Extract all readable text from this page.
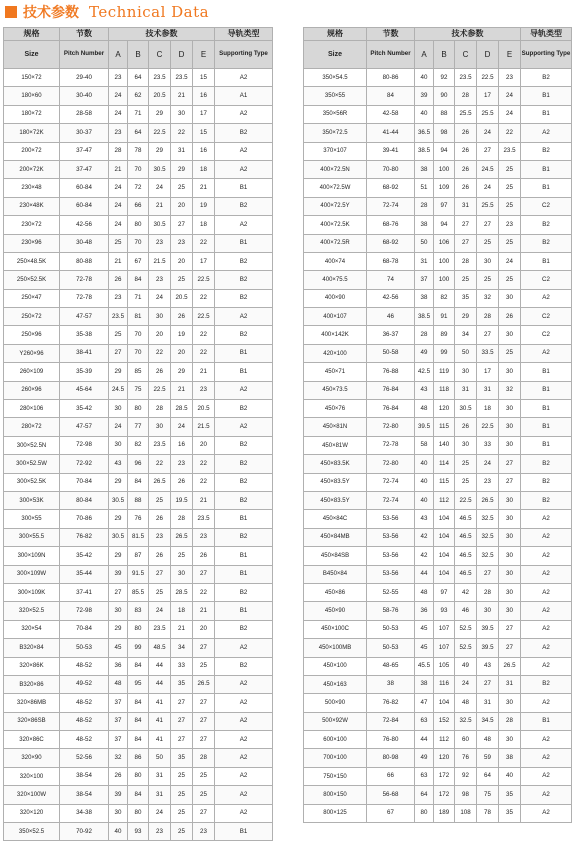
技术参数 Technical Data
规格	节数	技术参数					导轨类型
Size	Pitch Number	A	B	C	D	E	Supporting Type
150×72	29-40	23	64	23.5	23.5	15	A2
180×60	30-40	24	62	20.5	21	16	A1
180×72	28-58	24	71	29	30	17	A2
180×72K	30-37	23	64	22.5	22	15	B2
200×72	37-47	28	78	29	31	16	A2
200×72K	37-47	21	70	30.5	29	18	A2
230×48	60-84	24	72	24	25	21	B1
230×48K	60-84	24	66	21	20	19	B2
230×72	42-56	24	80	30.5	27	18	A2
230×96	30-48	25	70	23	23	22	B1
250×48.5K	80-88	21	67	21.5	20	17	B2
250×52.5K	72-78	26	84	23	25	22.5	B2
250×47	72-78	23	71	24	20.5	22	B2
250×72	47-57	23.5	81	30	26	22.5	A2
250×96	35-38	25	70	20	19	22	B2
Y260×96	38-41	27	70	22	20	22	B1
260×109	35-39	29	85	26	29	21	B1
260×96	45-64	24.5	75	22.5	21	23	A2
280×106	35-42	30	80	28	28.5	20.5	B2
280×72	47-57	24	77	30	24	21.5	A2
300×52.5N	72-98	30	82	23.5	16	20	B2
300×52.5W	72-92	43	96	22	23	22	B2
300×52.5K	70-84	29	84	26.5	26	22	B2
300×53K	80-84	30.5	88	25	19.5	21	B2
300×55	70-86	29	76	26	28	23.5	B1
300×55.5	76-82	30.5	81.5	23	26.5	23	B2
300×109N	35-42	29	87	26	25	26	B1
300×109W	35-44	39	91.5	27	30	27	B1
300×109K	37-41	27	85.5	25	28.5	22	B2
320×52.5	72-98	30	83	24	18	21	B1
320×54	70-84	29	80	23.5	21	20	B2
B320×84	50-53	45	99	48.5	34	27	A2
320×86K	48-52	36	84	44	33	25	B2
B320×86	49-52	48	95	44	35	26.5	A2
320×86MB	48-52	37	84	41	27	27	A2
320×86SB	48-52	37	84	41	27	27	A2
320×86C	48-52	37	84	41	27	27	A2
320×90	52-56	32	86	50	35	28	A2
320×100	38-54	26	80	31	25	25	A2
320×100W	38-54	39	84	31	25	25	A2
320×120	34-38	30	80	24	25	27	A2
350×52.5	70-92	40	93	23	25	23	B1
规格	节数	技术参数					导轨类型
Size	Pitch Number	A	B	C	D	E	Supporting Type
350×54.5	80-86	40	92	23.5	22.5	23	B2
350×55	84	39	90	28	17	24	B1
350×56R	42-58	40	88	25.5	25.5	24	B1
350×72.5	41-44	36.5	98	26	24	22	A2
370×107	39-41	38.5	94	26	27	23.5	B2
400×72.5N	70-80	38	100	26	24.5	25	B1
400×72.5W	68-92	51	109	26	24	25	B1
400×72.5Y	72-74	28	97	31	25.5	25	C2
400×72.5K	68-76	38	94	27	27	23	B2
400×72.5R	68-92	50	106	27	25	25	B2
400×74	68-78	31	100	28	30	24	B1
400×75.5	74	37	100	25	25	25	C2
400×90	42-56	38	82	35	32	30	A2
400×107	46	38.5	91	29	28	26	C2
400×142K	36-37	28	89	34	27	30	C2
420×100	50-58	49	99	50	33.5	25	A2
450×71	76-88	42.5	119	30	17	30	B1
450×73.5	76-84	43	118	31	31	32	B1
450×76	76-84	48	120	30.5	18	30	B1
450×81N	72-80	39.5	115	26	22.5	30	B1
450×81W	72-78	58	140	30	33	30	B1
450×83.5K	72-80	40	114	25	24	27	B2
450×83.5Y	72-74	40	115	25	23	27	B2
450×83.5Y	72-74	40	112	22.5	26.5	30	B2
450×84C	53-56	43	104	46.5	32.5	30	A2
450×84MB	53-56	42	104	46.5	32.5	30	A2
450×84SB	53-56	42	104	46.5	32.5	30	A2
B450×84	53-56	44	104	46.5	27	30	A2
450×86	52-55	48	97	42	28	30	A2
450×90	58-76	36	93	46	30	30	A2
450×100C	50-53	45	107	52.5	39.5	27	A2
450×100MB	50-53	45	107	52.5	39.5	27	A2
450×100	48-65	45.5	105	49	43	26.5	A2
450×163	38	38	116	24	27	31	B2
500×90	76-82	47	104	48	31	30	A2
500×92W	72-84	63	152	32.5	34.5	28	B1
600×100	76-80	44	112	60	48	30	A2
700×100	80-98	49	120	76	59	38	A2
750×150	66	63	172	92	64	40	A2
800×150	56-68	64	172	98	75	35	A2
800×125	67	80	189	108	78	35	A2
